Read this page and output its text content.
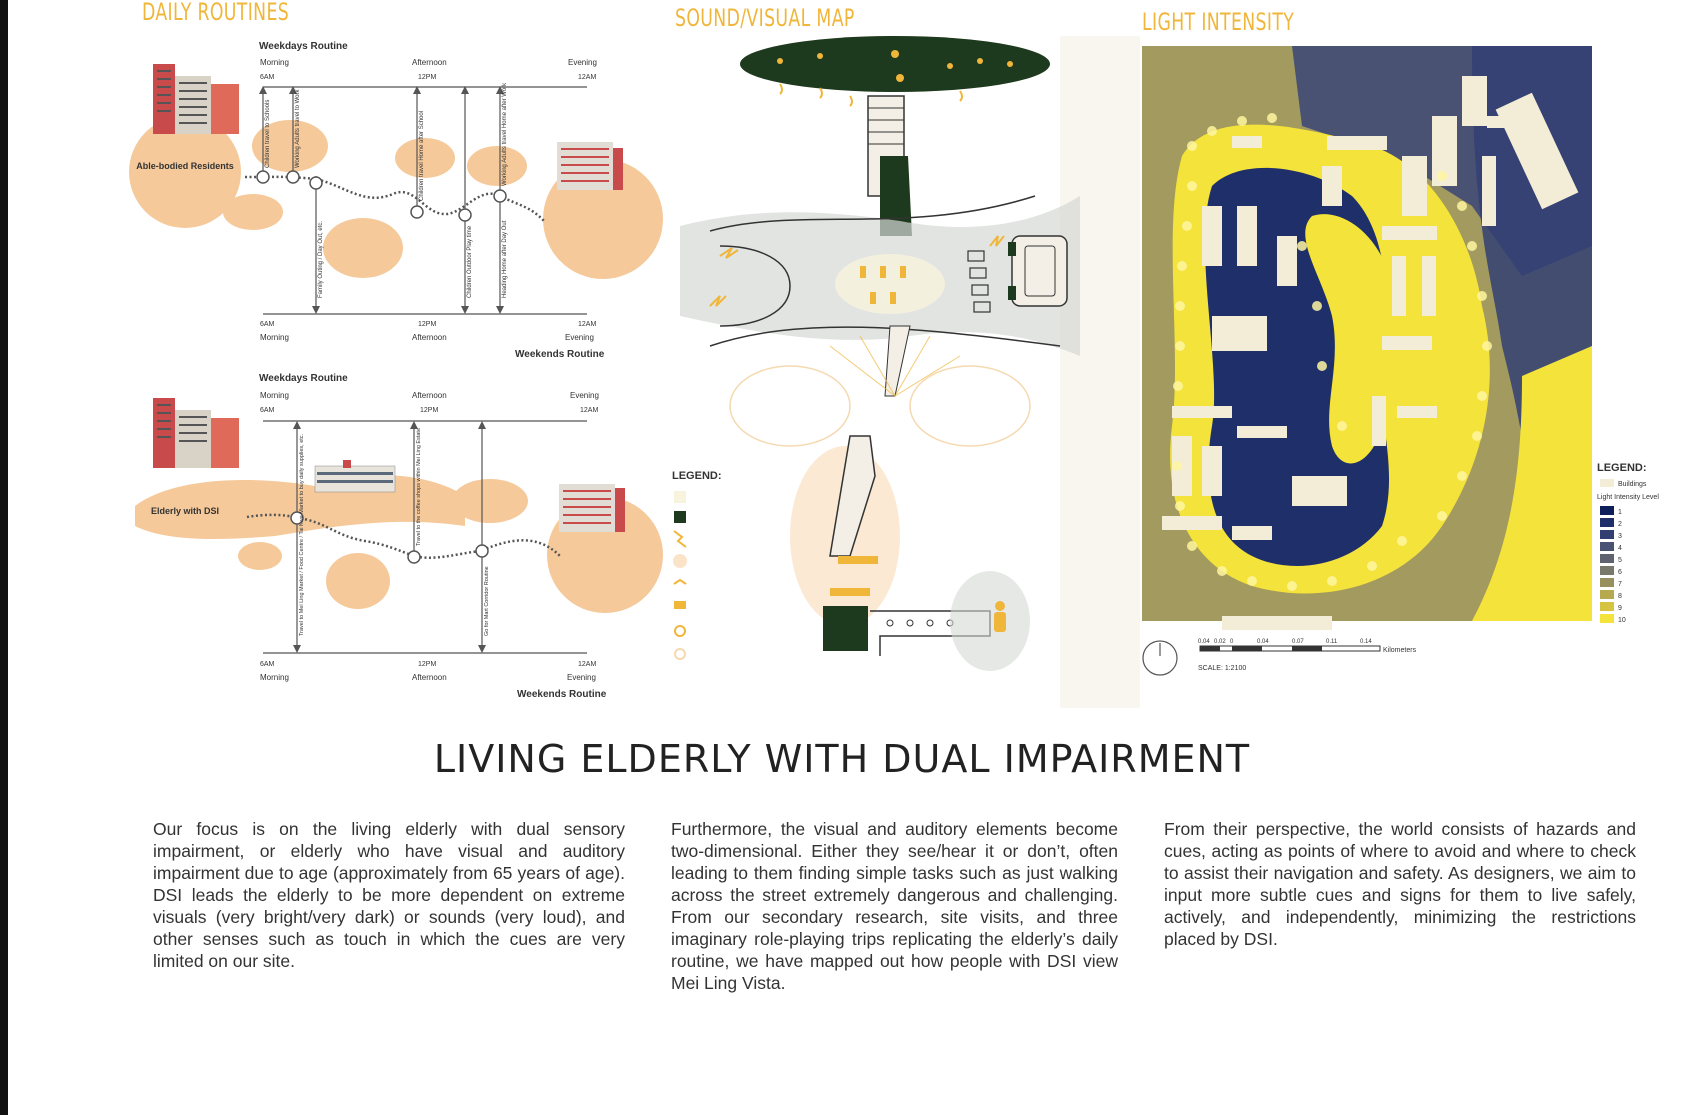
DAILY ROUTINES
Weekdays Routine
Morning	Afternoon	Evening
6AM	12PM	12AM
Able-bodied Residents	Children travel to Schools	Working Adults travel to Work
Family Outing / Day Out, etc.
Children travel Home after School
Children Outdoor Play time
Working Adults travel Home after Work
Heading Home after Day Out
6AM	12PM	12AM
Morning	Afternoon	Evening
Weekends Routine
Weekdays Routine
Morning	Afternoon	Evening
6AM	12PM	12AM
Elderly with DSI	Travel to Mei Ling Market / Food Centre / Tai Kwa Market to buy daily supplies, etc.	Travel to the coffee shops within Mei Ling Estate
Go for Mart Corridor Routine
6AM	12PM	12AM
Morning	Afternoon	Evening
Weekends Routine
SOUND/VISUAL MAP
LEGEND:
LIGHT INTENSITY
LEGEND:
Buildings
Light Intensity Level
1
2
3
4
5
6
7
8
9
10
0.04 0.02 0	0.04	0.07	0.11	0.14
Kilometers
SCALE: 1:2100
LIVING ELDERLY WITH DUAL IMPAIRMENT
Our focus is on the living elderly with dual sensory impairment, or elderly who have visual and auditory impairment due to age (approximately from 65 years of age). DSI leads the elderly to be more dependent on extreme visuals (very bright/very dark) or sounds (very loud), and other senses such as touch in which the cues are very limited on our site.
Furthermore, the visual and auditory elements become two-dimensional. Either they see/hear it or don’t, often leading to them finding simple tasks such as just walking across the street extremely dangerous and challenging. From our secondary research, site visits, and three imaginary role-playing trips replicating the elderly’s daily routine, we have mapped out how people with DSI view Mei Ling Vista.
From their perspective, the world consists of hazards and cues, acting as points of where to avoid and where to check to assist their navigation and safety. As designers, we aim to input more subtle cues and signs for them to live safely, actively, and independently, minimizing the restrictions placed by DSI.
